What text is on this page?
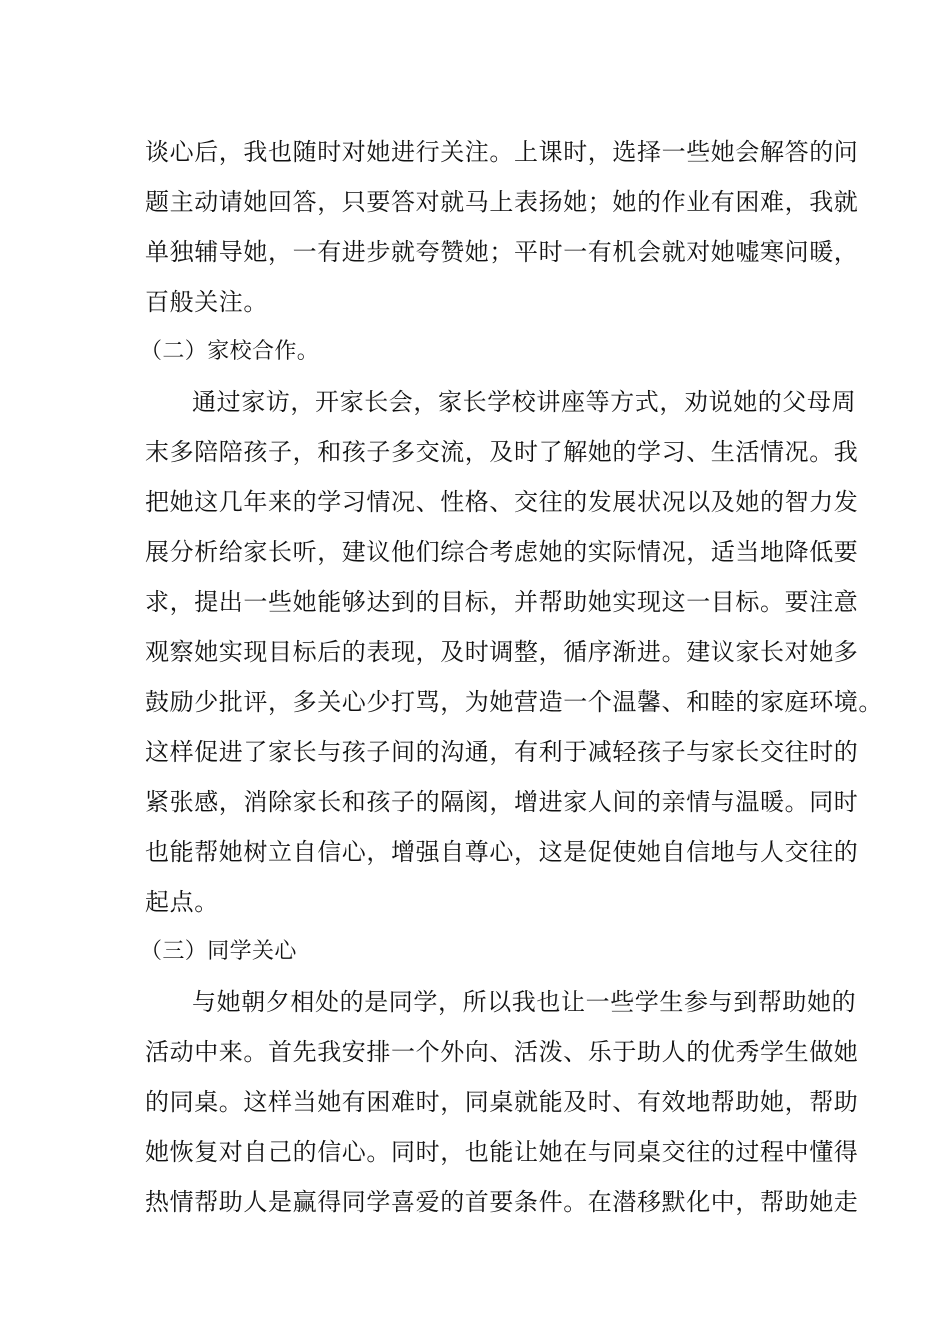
谈心后，我也随时对她进行关注。上课时，选择一些她会解答的问
题主动请她回答，只要答对就马上表扬她；她的作业有困难，我就
单独辅导她，一有进步就夸赞她；平时一有机会就对她嘘寒问暖，
百般关注。
（二）家校合作。
通过家访，开家长会，家长学校讲座等方式，劝说她的父母周
末多陪陪孩子，和孩子多交流，及时了解她的学习、生活情况。我
把她这几年来的学习情况、性格、交往的发展状况以及她的智力发
展分析给家长听，建议他们综合考虑她的实际情况，适当地降低要
求，提出一些她能够达到的目标，并帮助她实现这一目标。要注意
观察她实现目标后的表现，及时调整，循序渐进。建议家长对她多
鼓励少批评，多关心少打骂，为她营造一个温馨、和睦的家庭环境。
这样促进了家长与孩子间的沟通，有利于减轻孩子与家长交往时的
紧张感，消除家长和孩子的隔阂，增进家人间的亲情与温暖。同时
也能帮她树立自信心，增强自尊心，这是促使她自信地与人交往的
起点。
（三）同学关心
与她朝夕相处的是同学，所以我也让一些学生参与到帮助她的
活动中来。首先我安排一个外向、活泼、乐于助人的优秀学生做她
的同桌。这样当她有困难时，同桌就能及时、有效地帮助她，帮助
她恢复对自己的信心。同时，也能让她在与同桌交往的过程中懂得
热情帮助人是赢得同学喜爱的首要条件。在潜移默化中，帮助她走
